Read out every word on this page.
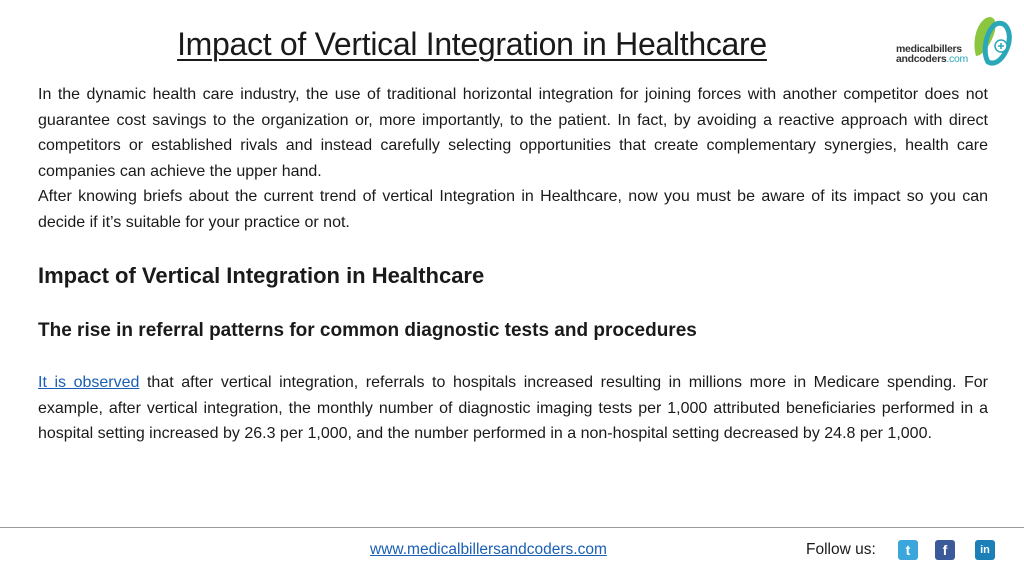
Impact of Vertical Integration in Healthcare	medicalbillers
andcoders.com

In the dynamic health care industry, the use of traditional horizontal integration for joining forces with another competitor does not guarantee cost savings to the organization or, more importantly, to the patient. In fact, by avoiding a reactive approach with direct competitors or established rivals and instead carefully selecting opportunities that create complementary synergies, health care companies can achieve the upper hand.

After knowing briefs about the current trend of vertical Integration in Healthcare, now you must be aware of its impact so you can decide if it’s suitable for your practice or not.

Impact of Vertical Integration in Healthcare
The rise in referral patterns for common diagnostic tests and procedures

It is observed that after vertical integration, referrals to hospitals increased resulting in millions more in Medicare spending. For example, after vertical integration, the monthly number of diagnostic imaging tests per 1,000 attributed beneficiaries performed in a hospital setting increased by 26.3 per 1,000, and the number performed in a non-hospital setting decreased by 24.8 per 1,000.

www.medicalbillersandcoders.com	Follow us:	t	f	in
